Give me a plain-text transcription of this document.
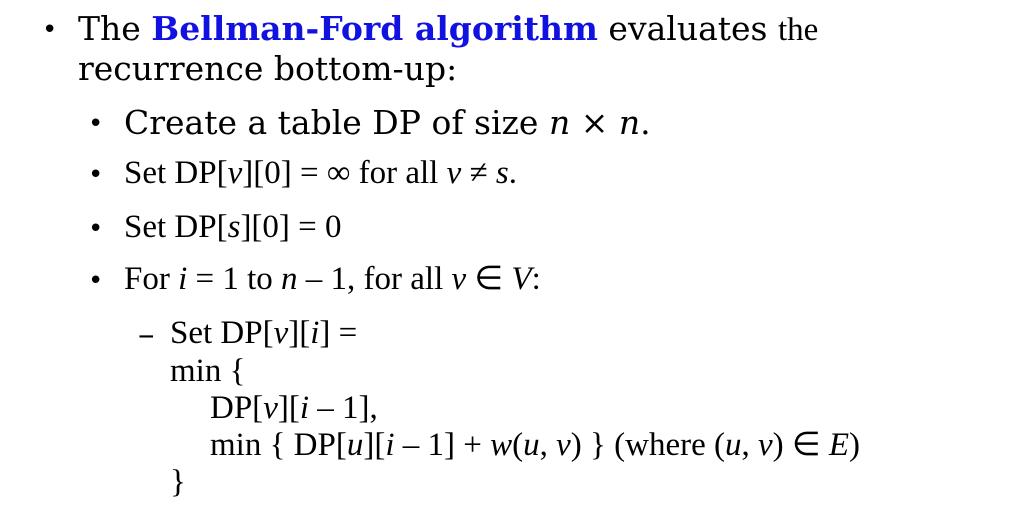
• The Bellman-Ford algorithm evaluates the
recurrence bottom-up:
• Create a table DP of size n × n.
• Set DP[v][0] = ∞ for all v ≠ s.
• Set DP[s][0] = 0
• For i = 1 to n – 1, for all v ∈ V:
– Set DP[v][i] =
min {
DP[v][i – 1],
min { DP[u][i – 1] + w(u, v) } (where (u, v) ∈ E)
}
